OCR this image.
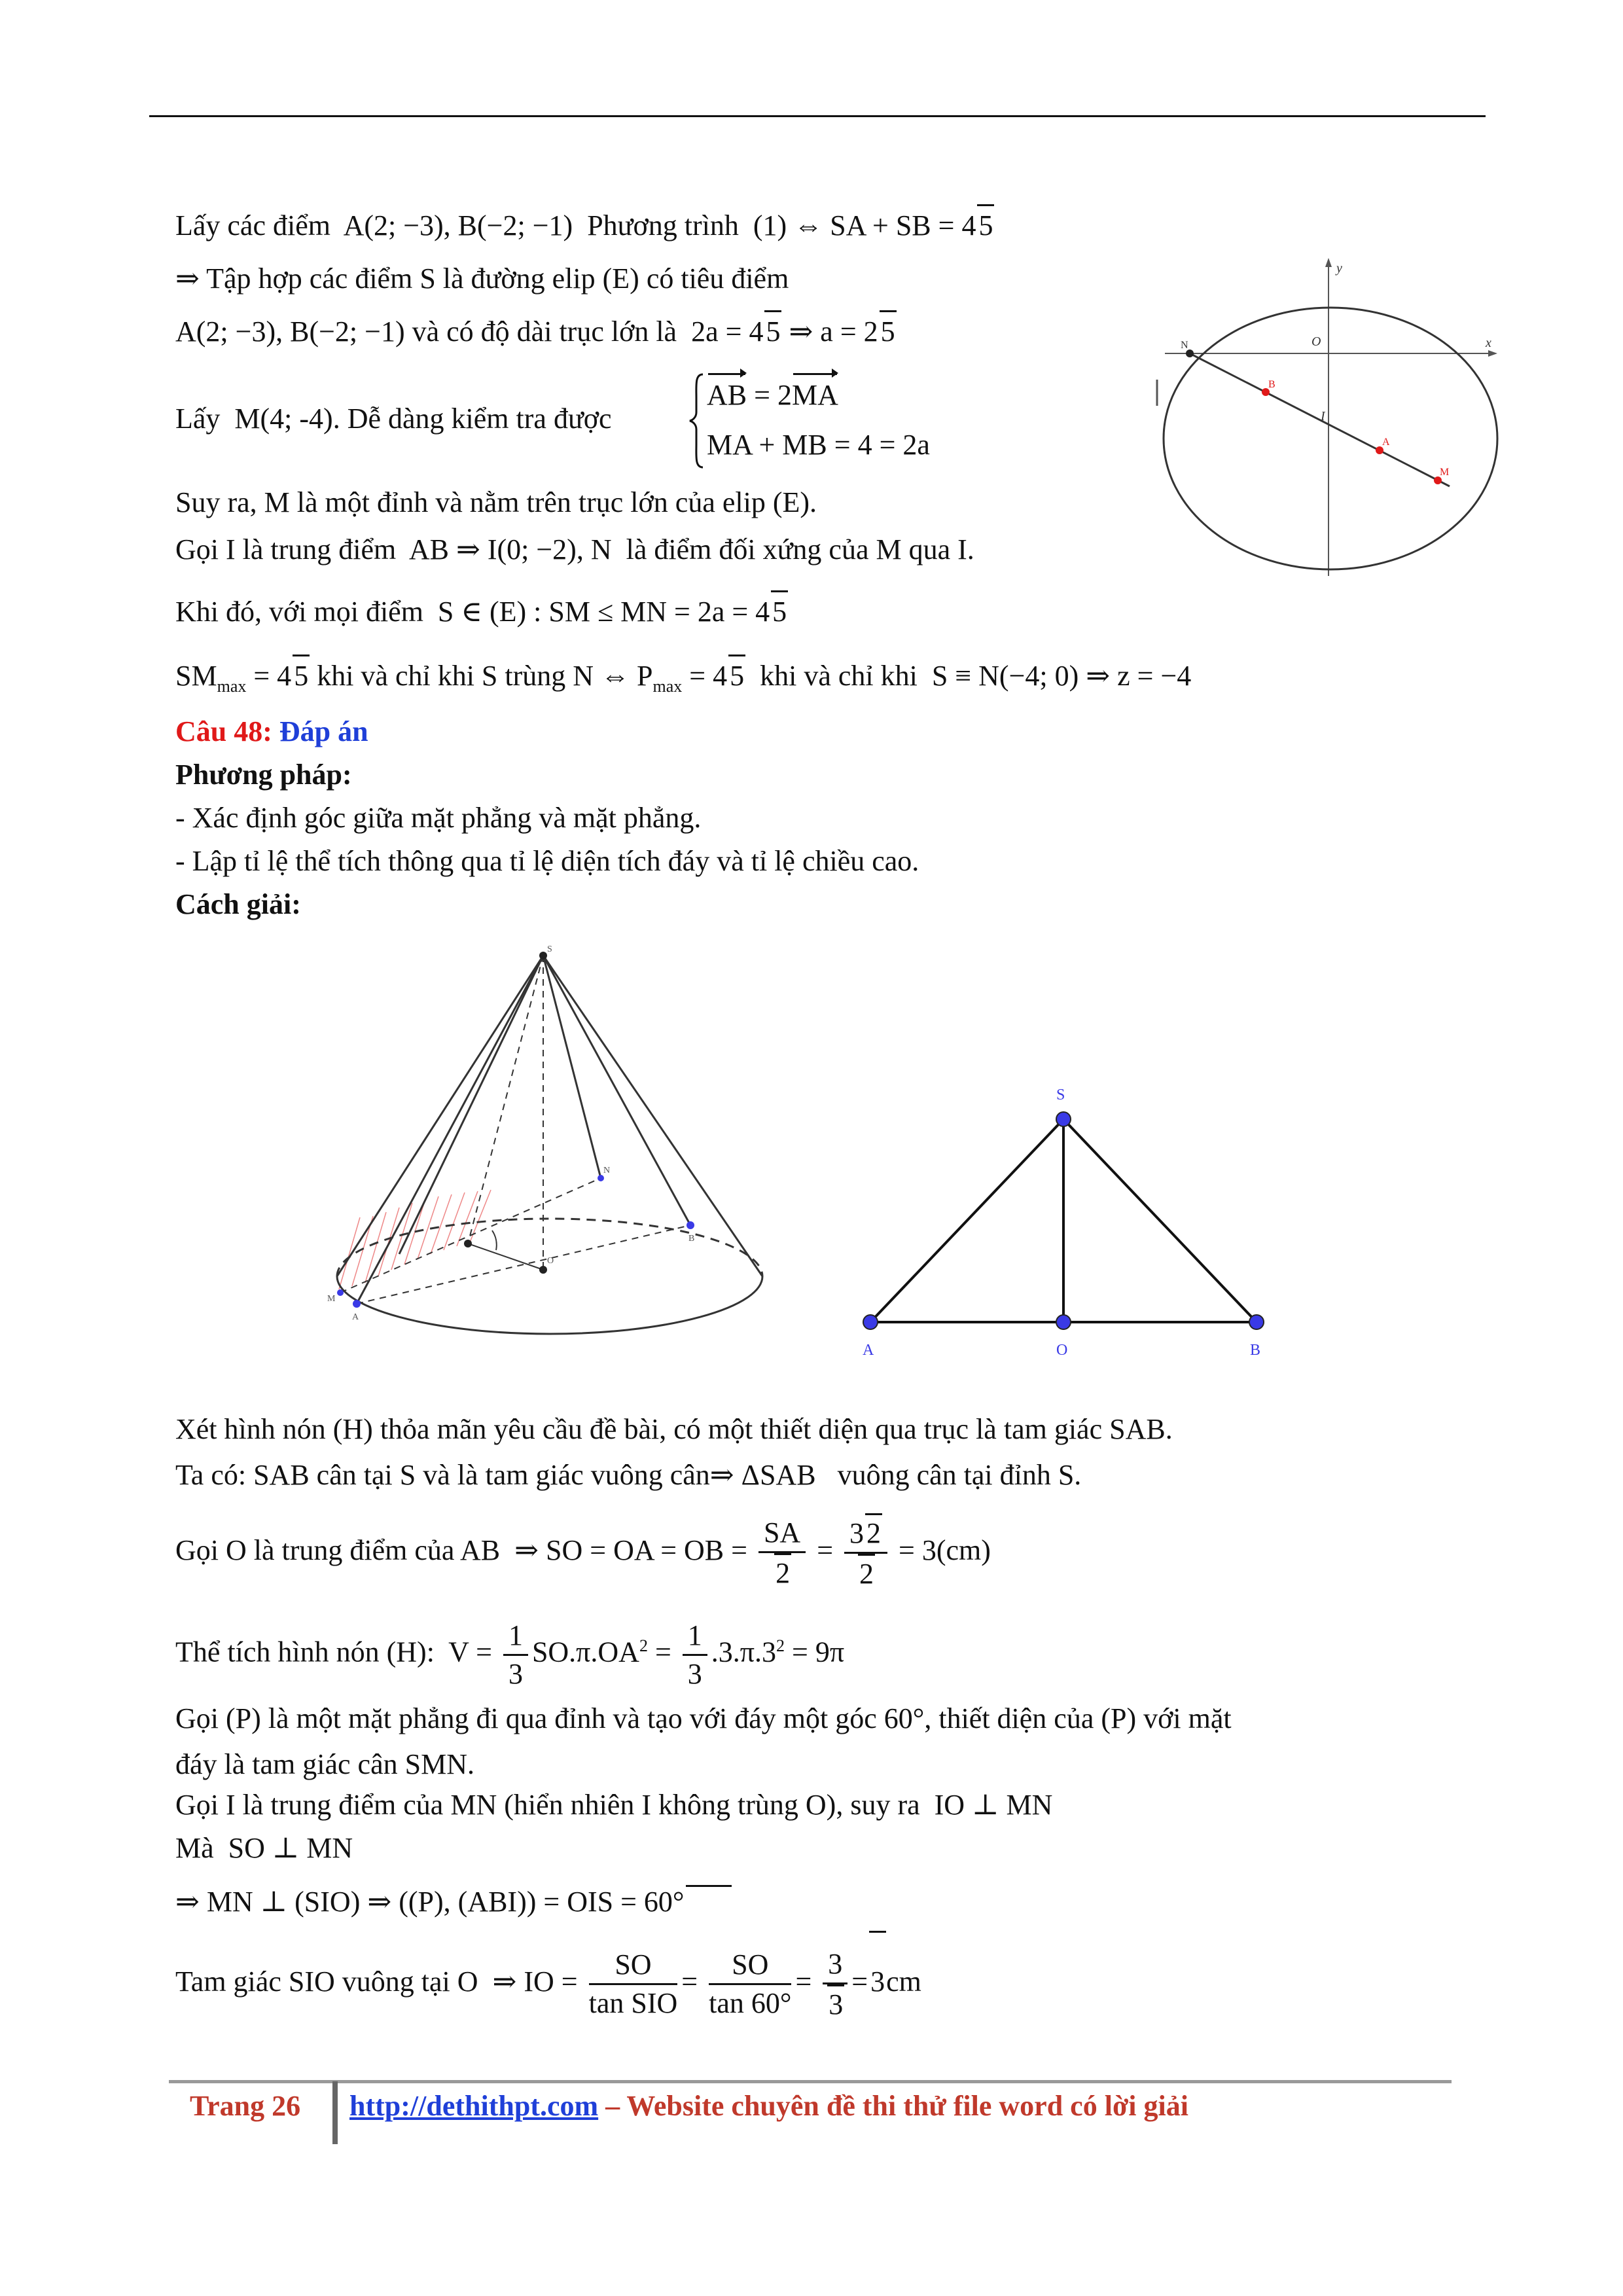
Lấy các điểm A(2; −3), B(−2; −1) Phương trình (1) ⇔ SA + SB = 45
⇒ Tập hợp các điểm S là đường elip (E) có tiêu điểm
A(2; −3), B(−2; −1) và có độ dài trục lớn là 2a = 45 ⇒ a = 25
Lấy M(4; -4). Dễ dàng kiểm tra được
AB = 2MA
MA + MB = 4 = 2a
Suy ra, M là một đỉnh và nằm trên trục lớn của elip (E).
Gọi I là trung điểm AB ⇒ I(0; −2), N là điểm đối xứng của M qua I.
Khi đó, với mọi điểm S ∈ (E) : SM ≤ MN = 2a = 45
$SM_{max} = 45$ khi và chỉ khi S trùng N ⇔ $P_{max} = 45$ khi và chỉ khi S ≡ N(−4; 0) ⇒ z = −4
y
x
O
N
B
I
A
M
Câu 48: Đáp án
Phương pháp:
- Xác định góc giữa mặt phẳng và mặt phẳng.
- Lập tỉ lệ thể tích thông qua tỉ lệ diện tích đáy và tỉ lệ chiều cao.
Cách giải:
S
N
B
M
A
O
S
A	O	B
Xét hình nón (H) thỏa mãn yêu cầu đề bài, có một thiết diện qua trục là tam giác SAB.
Ta có: SAB cân tại S và là tam giác vuông cân⇒ ΔSAB vuông cân tại đỉnh S.
Gọi O là trung điểm của AB ⇒ SO = OA = OB = $\frac{SA}{2} = \frac{32}{2} = 3(cm)$
Thể tích hình nón (H): $V = \frac{1}{3} SO.\pi.OA^2 = \frac{1}{3} .3.\pi.3^2 = 9\pi$
Gọi (P) là một mặt phẳng đi qua đỉnh và tạo với đáy một góc 60°, thiết diện của (P) với mặt
đáy là tam giác cân SMN.
Gọi I là trung điểm của MN (hiển nhiên I không trùng O), suy ra IO ⊥ MN
Mà SO ⊥ MN
⇒ MN ⊥ (SIO) ⇒ ((P), (ABI)) = OIS = 60°
Tam giác SIO vuông tại O ⇒ IO = $\frac{SO}{\text{tan SIO}} = \frac{SO}{\tan 60^\circ} = \frac{3}{3} =3cm$
Trang 26 http://dethithpt.com – Website chuyên đề thi thử file word có lời giải
